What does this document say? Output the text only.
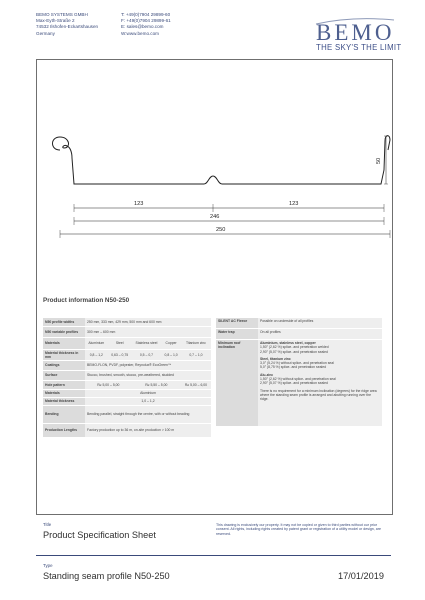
BEMO SYSTEMS GMBH
Max-Eyth-Straße 2
74532 Ilshofen-Eckartshausen
Germany
T: +49(0)7904 29899-60
F: +49(0)7904 29899-61
E: sales@bemo.com
W:www.bemo.com	BEMO
THE SKY'S THE LIMIT
50
123	123
246
250
Product information N50-250
N50 profile widths	250 mm, 333 mm, 429 mm, 500 mm and 600 mm				
N50 variable profiles	300 mm – 600 mm				
Materials	Aluminium	Steel	Stainless steel	Copper	Titanium zinc
Material thickness in mm	0,8 – 1,2	0,63 – 0,75	0,5 – 0,7	0,8 – 1,0	0,7 – 1,0
Coatings	BEMO-FLON, PVDF, polyester, Reynolux® EcoGreen™				
Surface	Stucco, brushed, smooth, stucco, pre-weathered, studded				
Hole pattern	R≥ 5,00 – 5,00		R≥ 5,50 – 5,00		R≥ 5,00 – 6,00
Materials	Aluminium				
Material thickness	1,0 – 1,2				
Bending	Bending parallel, straight through the centre, with or without beading				
Production Lengths	Factory production up to 36 m, on-site production > 100 m				
SILENT AC Fleece	Possible on underside of all profiles
Water trap	On all profiles
Minimum roof inclination
Aluminium, stainless steel, copper
1,50° (2,62 %) splice- and penetration welded
2,90° (5,07 %) splice- and penetration sealed
Steel, titanium zinc
3,0° (5,24 %) without splice- and penetration seal
5,0° (8,75 %) splice- and penetration sealed
Alu-zinc
1,50° (2,62 %) without splice- and penetration seal
2,90° (5,07 %) splice- and penetration sealed
There is no requirement for a minimum inclination (degrees) for the ridge area where the standing seam profile is arranged and abutting running over the ridge.
Title
Product Specification Sheet
This drawing is exclusively our property. It may not be copied or given to third parties without our prior consent. All rights, including rights created by patent grant or registration of a utility model or design, are reserved.
Type
Standing seam profile N50-250	17/01/2019
